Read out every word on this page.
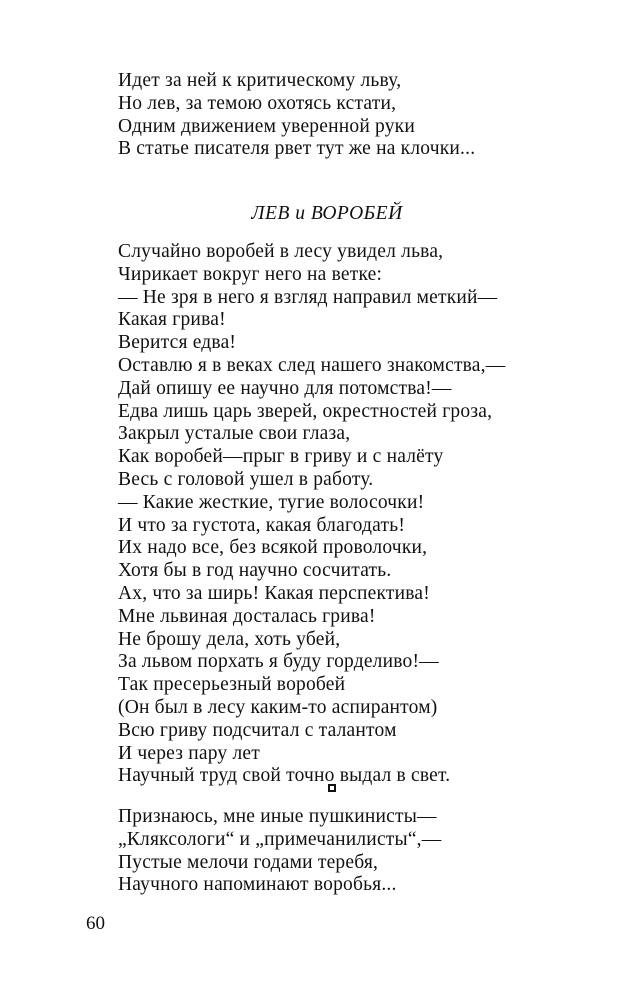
Идет за ней к критическому льву,
Но лев, за темою охотясь кстати,
Одним движением уверенной руки
В статье писателя рвет тут же на клочки...
ЛЕВ и ВОРОБЕЙ
Случайно воробей в лесу увидел льва,
Чирикает вокруг него на ветке:
— Не зря в него я взгляд направил меткий—
Какая грива!
Верится едва!
Оставлю я в веках след нашего знакомства,—
Дай опишу ее научно для потомства!—
Едва лишь царь зверей, окрестностей гроза,
Закрыл усталые свои глаза,
Как воробей—прыг в гриву и с налёту
Весь с головой ушел в работу.
— Какие жесткие, тугие волосочки!
И что за густота, какая благодать!
Их надо все, без всякой проволочки,
Хотя бы в год научно сосчитать.
Ах, что за ширь! Какая перспектива!
Мне львиная досталась грива!
Не брошу дела, хоть убей,
За львом порхать я буду горделиво!—
Так пресерьезный воробей
(Он был в лесу каким-то аспирантом)
Всю гриву подсчитал с талантом
И через пару лет
Научный труд свой точно выдал в свет.
Признаюсь, мне иные пушкинисты—
„Кляксологи“ и „примечанилисты“,—
Пустые мелочи годами теребя,
Научного напоминают воробья...
60
